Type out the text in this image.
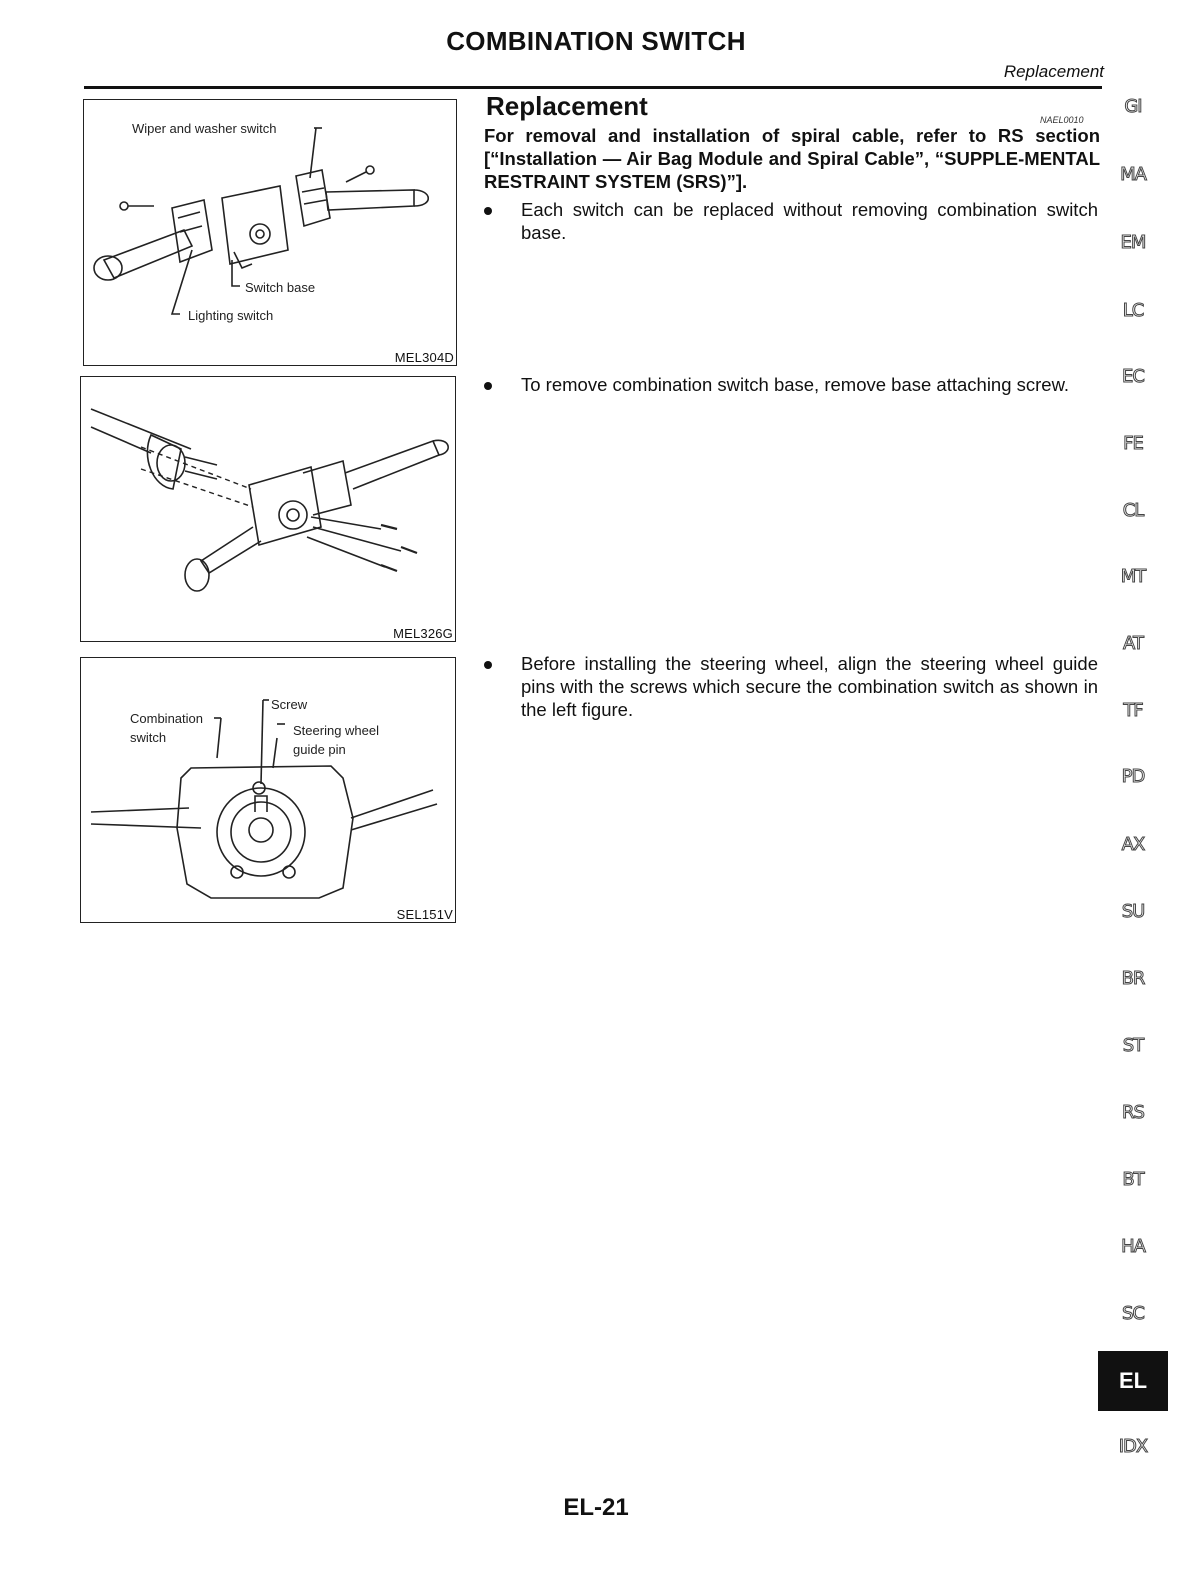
COMBINATION SWITCH
Replacement
Wiper and washer switch
Switch base
Lighting switch
MEL304D
MEL326G
Combination
switch
Screw
Steering wheel
guide pin
SEL151V
Replacement	NAEL0010
For removal and installation of spiral cable, refer to RS section [“Installation — Air Bag Module and Spiral Cable”, “SUPPLE-MENTAL RESTRAINT SYSTEM (SRS)”].
Each switch can be replaced without removing combination switch base.
To remove combination switch base, remove base attaching screw.
Before installing the steering wheel, align the steering wheel guide pins with the screws which secure the combination switch as shown in the left figure.
GI
MA
EM
LC
EC
FE
CL
MT
AT
TF
PD
AX
SU
BR
ST
RS
BT
HA
SC
EL
IDX
EL-21
